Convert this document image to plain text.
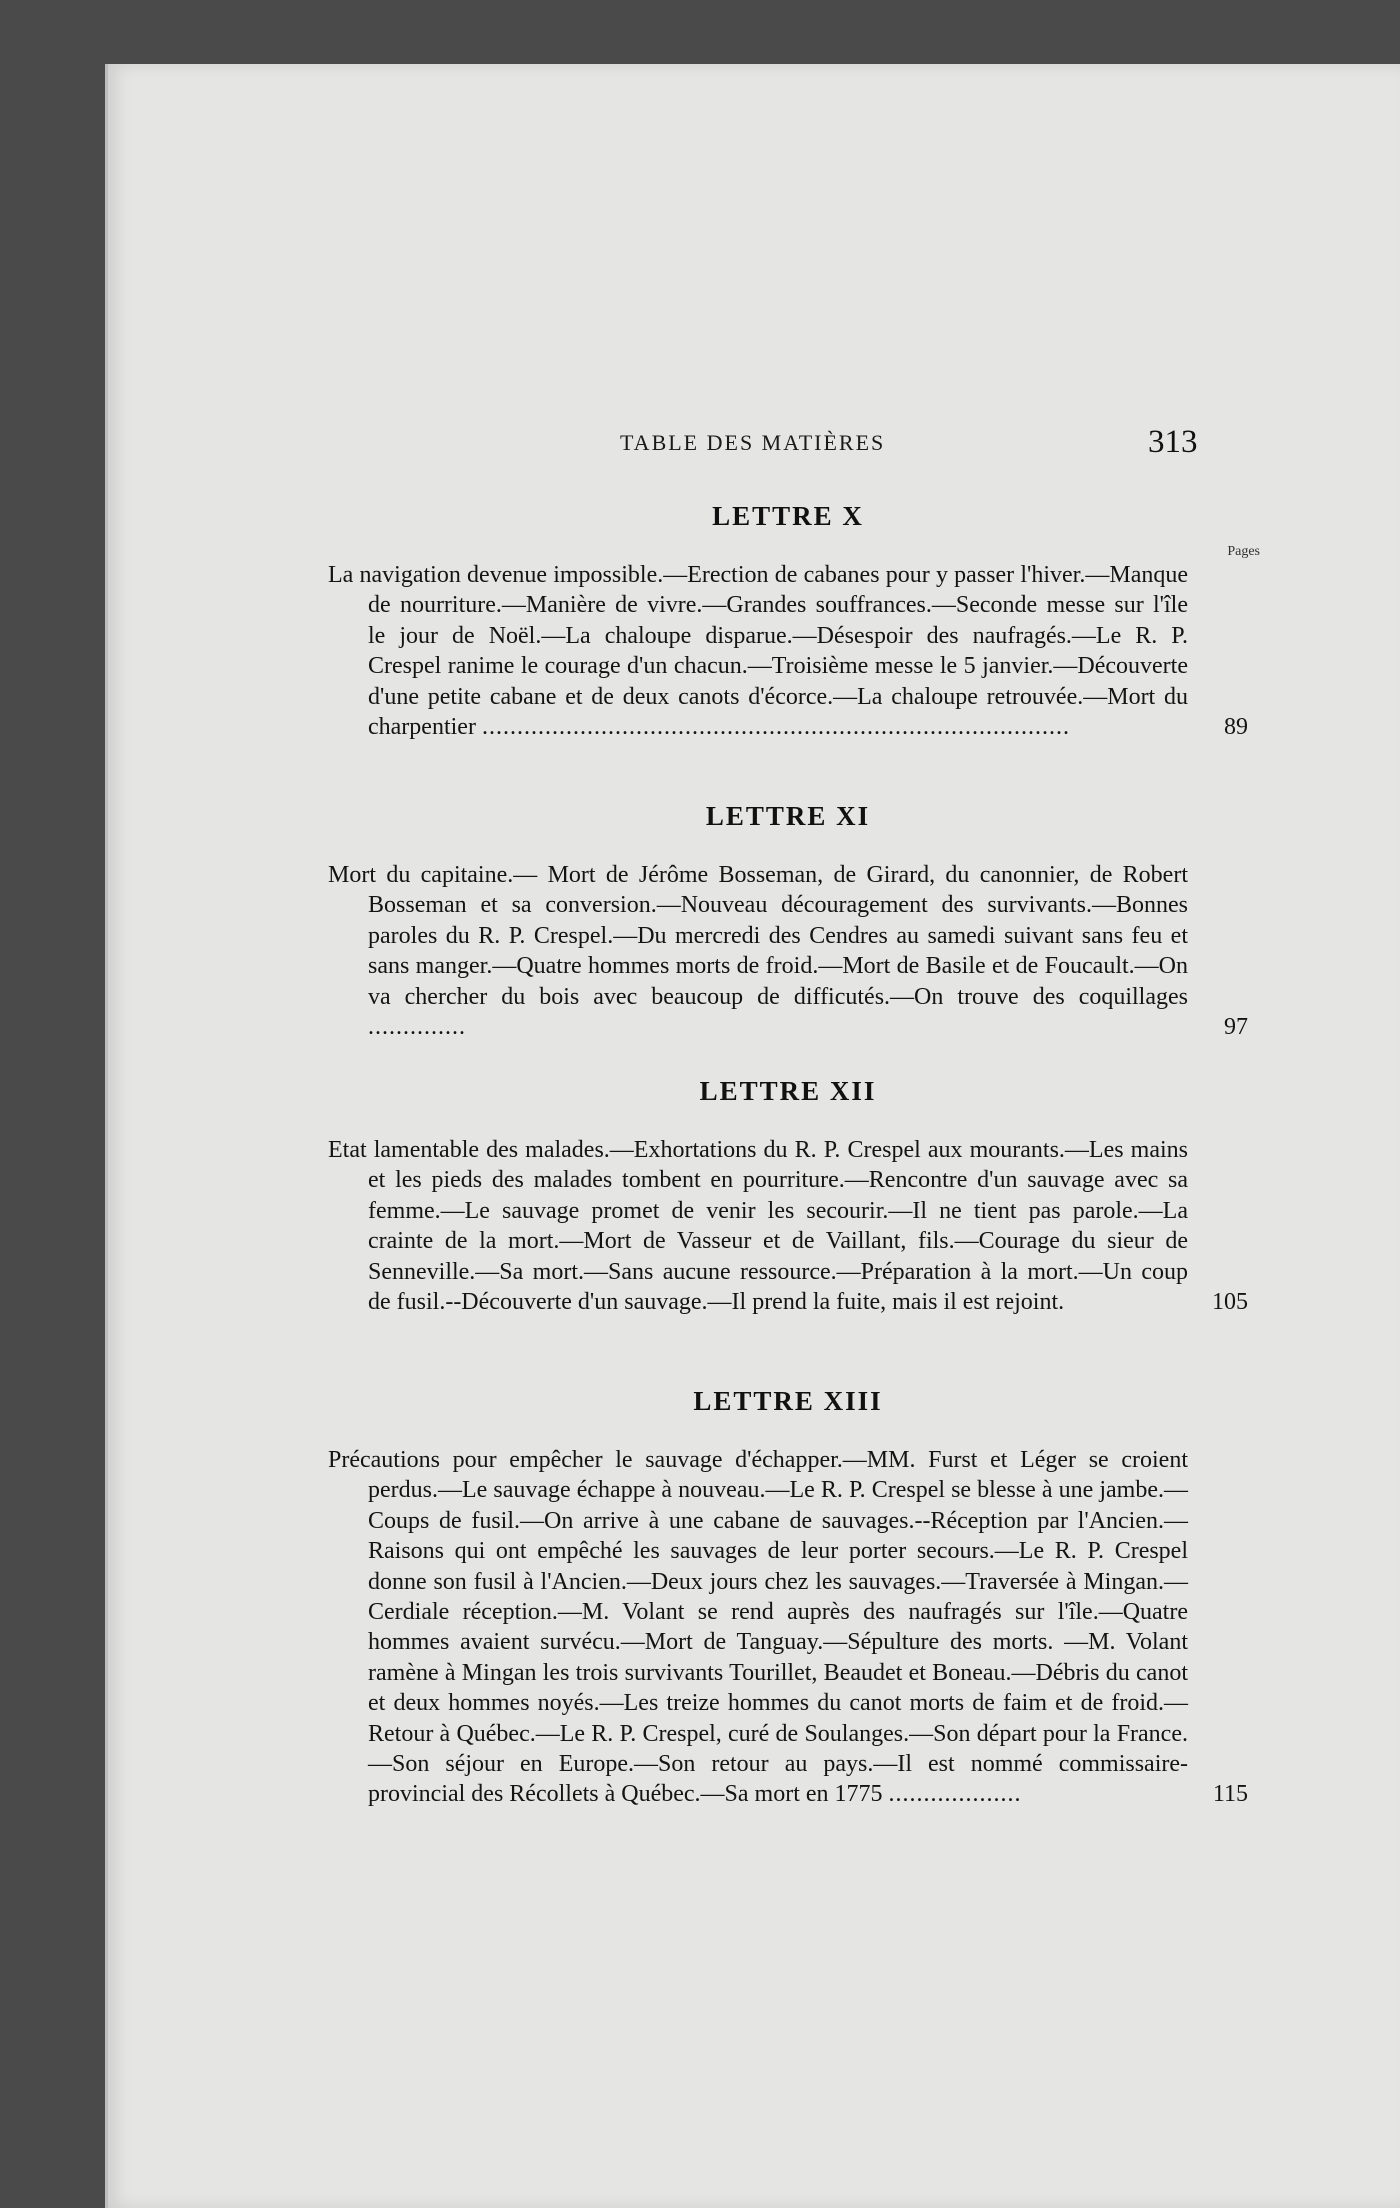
TABLE DES MATIÈRES	313
LETTRE X
Pages

La navigation devenue impossible.—Erection de cabanes pour y passer l'hiver.—Manque de nourriture.—Manière de vivre.—Grandes souffrances.—Seconde messe sur l'île le jour de Noël.—La chaloupe disparue.—Désespoir des naufragés.—Le R. P. Crespel ranime le courage d'un chacun.—Troisième messe le 5 janvier.—Découverte d'une petite cabane et de deux canots d'écorce.—La chaloupe retrouvée.—Mort du charpentier ....................................................................................	89

LETTRE XI

Mort du capitaine.— Mort de Jérôme Bosseman, de Girard, du canonnier, de Robert Bosseman et sa conversion.—Nouveau découragement des survivants.—Bonnes paroles du R. P. Crespel.—Du mercredi des Cendres au samedi suivant sans feu et sans manger.—Quatre hommes morts de froid.—Mort de Basile et de Foucault.—On va chercher du bois avec beaucoup de difficutés.—On trouve des coquillages ..............	97

LETTRE XII

Etat lamentable des malades.—Exhortations du R. P. Crespel aux mourants.—Les mains et les pieds des malades tombent en pourriture.—Rencontre d'un sauvage avec sa femme.—Le sauvage promet de venir les secourir.—Il ne tient pas parole.—La crainte de la mort.—Mort de Vasseur et de Vaillant, fils.—Courage du sieur de Senneville.—Sa mort.—Sans aucune ressource.—Préparation à la mort.—Un coup de fusil.--Découverte d'un sauvage.—Il prend la fuite, mais il est rejoint.	105

LETTRE XIII

Précautions pour empêcher le sauvage d'échapper.—MM. Furst et Léger se croient perdus.—Le sauvage échappe à nouveau.—Le R. P. Crespel se blesse à une jambe.—Coups de fusil.—On arrive à une cabane de sauvages.--Réception par l'Ancien.—Raisons qui ont empêché les sauvages de leur porter secours.—Le R. P. Crespel donne son fusil à l'Ancien.—Deux jours chez les sauvages.—Traversée à Mingan.—Cerdiale réception.—M. Volant se rend auprès des naufragés sur l'île.—Quatre hommes avaient survécu.—Mort de Tanguay.—Sépulture des morts. —M. Volant ramène à Mingan les trois survivants Tourillet, Beaudet et Boneau.—Débris du canot et deux hommes noyés.—Les treize hommes du canot morts de faim et de froid.—Retour à Québec.—Le R. P. Crespel, curé de Soulanges.—Son départ pour la France.—Son séjour en Europe.—Son retour au pays.—Il est nommé commissaire-provincial des Récollets à Québec.—Sa mort en 1775 ...................	115
